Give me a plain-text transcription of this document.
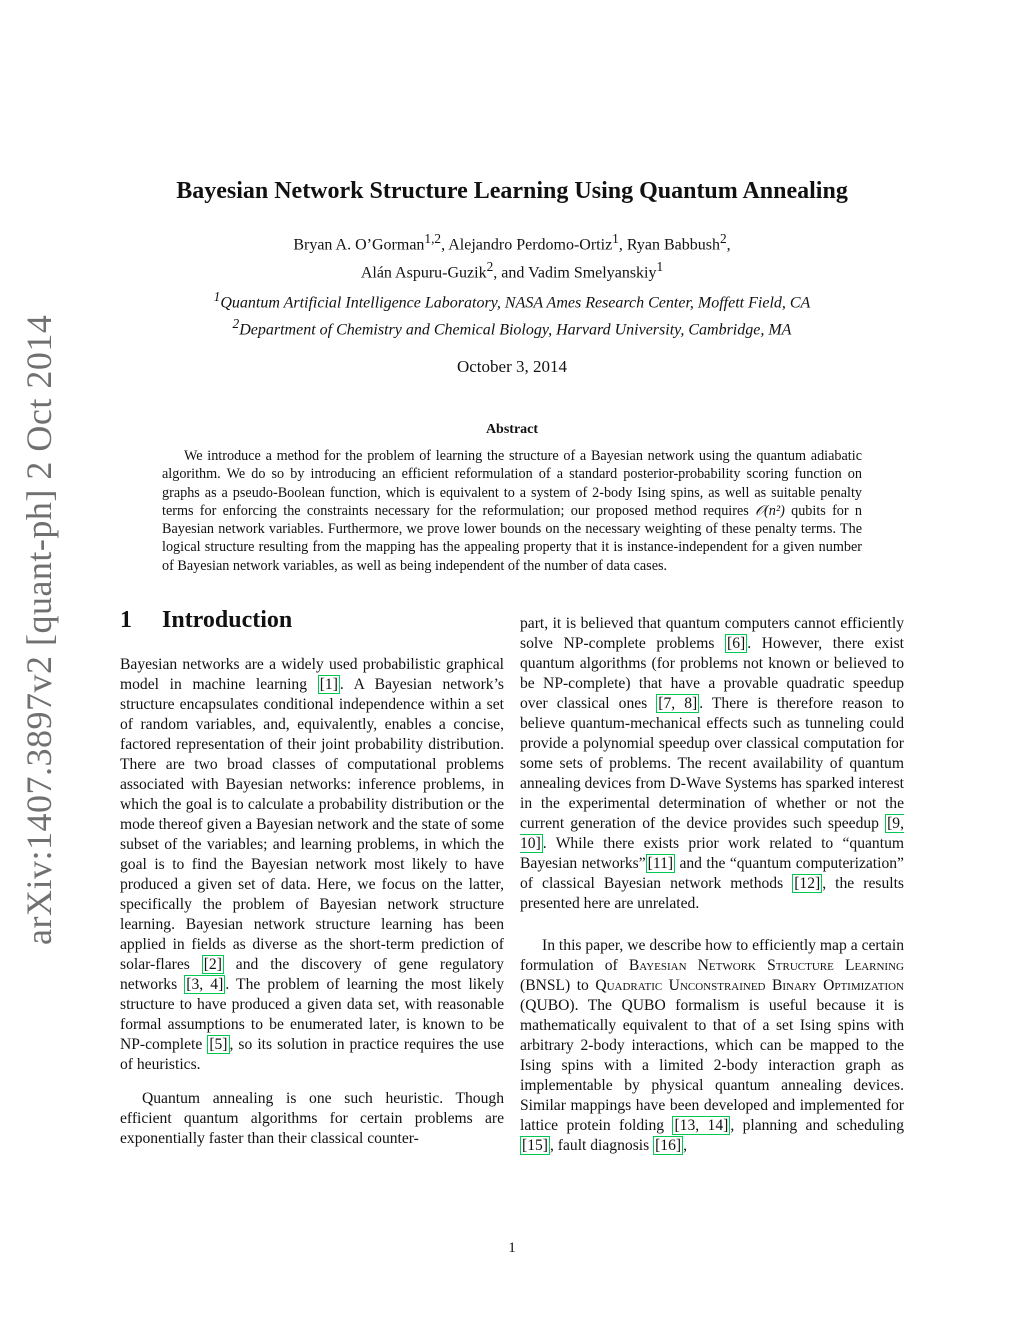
arXiv:1407.3897v2 [quant-ph] 2 Oct 2014
Bayesian Network Structure Learning Using Quantum Annealing
Bryan A. O’Gorman$^{1,2}$, Alejandro Perdomo-Ortiz$^1$, Ryan Babbush$^2$,
Alán Aspuru-Guzik$^2$, and Vadim Smelyanskiy$^1$
$^1$Quantum Artificial Intelligence Laboratory, NASA Ames Research Center, Moffett Field, CA
$^2$Department of Chemistry and Chemical Biology, Harvard University, Cambridge, MA
October 3, 2014
Abstract

We introduce a method for the problem of learning the structure of a Bayesian network using the quantum adiabatic algorithm. We do so by introducing an efficient reformulation of a standard posterior-probability scoring function on graphs as a pseudo-Boolean function, which is equivalent to a system of 2-body Ising spins, as well as suitable penalty terms for enforcing the constraints necessary for the reformulation; our proposed method requires 𝒪(n²) qubits for n Bayesian network variables. Furthermore, we prove lower bounds on the necessary weighting of these penalty terms. The logical structure resulting from the mapping has the appealing property that it is instance-independent for a given number of Bayesian network variables, as well as being independent of the number of data cases.

1 Introduction

Bayesian networks are a widely used probabilistic graphical model in machine learning [1] . A Bayesian network’s structure encapsulates conditional independence within a set of random variables, and, equivalently, enables a concise, factored representation of their joint probability distribution. There are two broad classes of computational problems associated with Bayesian networks: inference problems, in which the goal is to calculate a probability distribution or the mode thereof given a Bayesian network and the state of some subset of the variables; and learning problems, in which the goal is to find the Bayesian network most likely to have produced a given set of data. Here, we focus on the latter, specifically the problem of Bayesian network structure learning. Bayesian network structure learning has been applied in fields as diverse as the short-term prediction of solar-flares [2] and the discovery of gene regulatory networks [3, 4] . The problem of learning the most likely structure to have produced a given data set, with reasonable formal assumptions to be enumerated later, is known to be NP-complete [5] , so its solution in practice requires the use of heuristics.

Quantum annealing is one such heuristic. Though efficient quantum algorithms for certain problems are exponentially faster than their classical counter-

part, it is believed that quantum computers cannot efficiently solve NP-complete problems [6] . However, there exist quantum algorithms (for problems not known or believed to be NP-complete) that have a provable quadratic speedup over classical ones [7, 8] . There is therefore reason to believe quantum-mechanical effects such as tunneling could provide a polynomial speedup over classical computation for some sets of problems. The recent availability of quantum annealing devices from D-Wave Systems has sparked interest in the experimental determination of whether or not the current generation of the device provides such speedup [9, 10] . While there exists prior work related to “quantum Bayesian networks” [11] and the “quantum computerization” of classical Bayesian network methods [12] , the results presented here are unrelated.

In this paper, we describe how to efficiently map a certain formulation of Bayesian Network Structure Learning (BNSL) to Quadratic Unconstrained Binary Optimization (QUBO). The QUBO formalism is useful because it is mathematically equivalent to that of a set Ising spins with arbitrary 2-body interactions, which can be mapped to the Ising spins with a limited 2-body interaction graph as implementable by physical quantum annealing devices. Similar mappings have been developed and implemented for lattice protein folding [13, 14] , planning and scheduling [15] , fault diagnosis [16] ,

1
